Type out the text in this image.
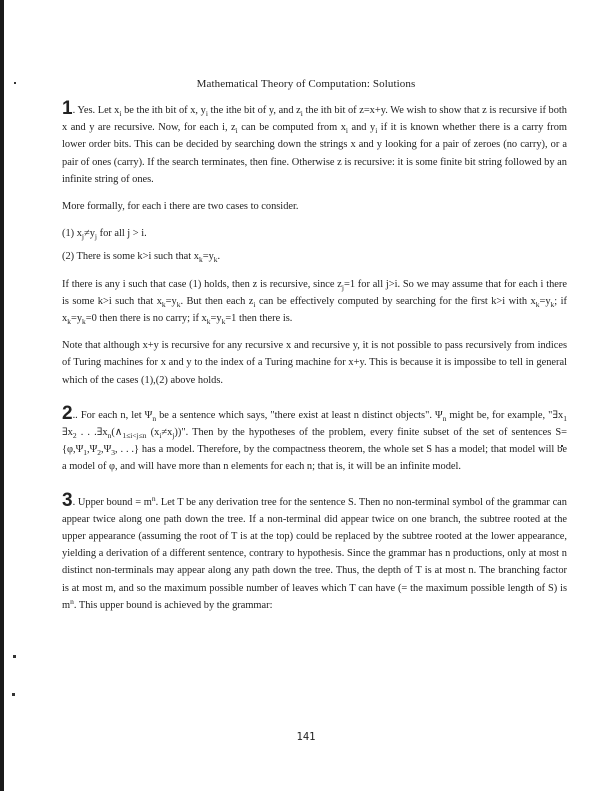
Mathematical Theory of Computation: Solutions

1. Yes. Let $x_i$ be the ith bit of x, $y_i$ the ithe bit of y, and $z_i$ the ith bit of z=x+y. We wish to show that z is recursive if both x and y are recursive. Now, for each i, $z_i$ can be computed from $x_i$ and $y_i$ if it is known whether there is a carry from lower order bits. This can be decided by searching down the strings x and y looking for a pair of zeroes (no carry), or a pair of ones (carry). If the search terminates, then fine. Otherwise z is recursive: it is some finite bit string followed by an infinite string of ones.

More formally, for each i there are two cases to consider.

(1) $x_j\ne y_j$ for all j > i.

(2) There is some k>i such that $x_k=y_k$.

If there is any i such that case (1) holds, then z is recursive, since $z_j=1$ for all j>i. So we may assume that for each i there is some k>i such that $x_k=y_k$. But then each $z_i$ can be effectively computed by searching for the first k>i with $x_k=y_k$; if $x_k=y_k=0$ then there is no carry; if $x_k=y_k=1$ then there is.

Note that although x+y is recursive for any recursive x and recursive y, it is not possible to pass recursively from indices of Turing machines for x and y to the index of a Turing machine for x+y. This is because it is impossibe to tell in general which of the cases (1),(2) above holds.

2.. For each n, let $\Psi_n$ be a sentence which says, "there exist at least n distinct objects". $\Psi_n$ might be, for example, "$\exists x_1$ $\exists x_2$ . . $.\exists x_n(\wedge_{1\le i<j\le n}$ $(x_i\ne x_j)$)". Then by the hypotheses of the problem, every finite subset of the set of sentences $S=\{\varphi,\Psi_1,\Psi_2,\Psi_3$, . . .} has a model. Therefore, by the compactness theorem, the whole set S has a model; that model will be a model of φ, and will have more than n elements for each n; that is, it will be an infinite model.

3. Upper bound = $m^n$. Let T be any derivation tree for the sentence S. Then no non-terminal symbol of the grammar can appear twice along one path down the tree. If a non-terminal did appear twice on one branch, the subtree rooted at the upper appearance (assuming the root of T is at the top) could be replaced by the subtree rooted at the lower appearance, yielding a derivation of a different sentence, contrary to hypothesis. Since the grammar has n productions, only at most n distinct non-terminals may appear along any path down the tree. Thus, the depth of T is at most n. The branching factor is at most m, and so the maximum possible number of leaves which T can have (= the maximum possible length of S) is $m^n$. This upper bound is achieved by the grammar:

141
